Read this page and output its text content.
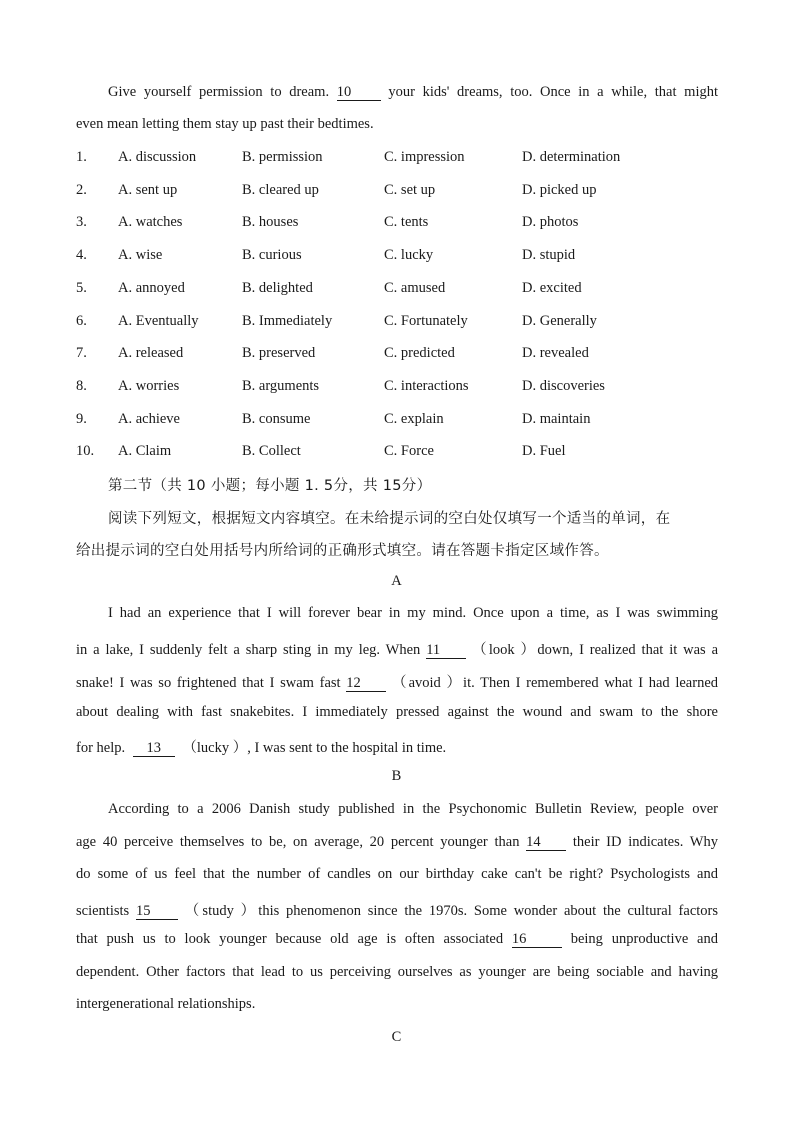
Give yourself permission to dream. 10	your kids' dreams, too. Once in a while, that might
even mean letting them stay up past their bedtimes.
1. A. discussion	B. permission	C. impression	D. determination
2. A. sent up	B. cleared up	C. set up	D. picked up
3. A. watches	B. houses	C. tents	D. photos
4. A. wise	B. curious	C. lucky	D. stupid
5. A. annoyed	B. delighted	C. amused	D. excited
6. A. Eventually	B. Immediately	C. Fortunately	D. Generally
7. A. released	B. preserved	C. predicted	D. revealed
8. A. worries	B. arguments	C. interactions	D. discoveries
9. A. achieve	B. consume	C. explain	D. maintain
10. A. Claim	B. Collect	C. Force	D. Fuel
第二节（共 10 小题；每小题 1. 5分，共 15分）
阅读下列短文，根据短文内容填空。在未给提示词的空白处仅填写一个适当的单词，在
给出提示词的空白处用括号内所给词的正确形式填空。请在答题卡指定区域作答。
A
I had an experience that I will forever bear in my mind. Once upon a time, as I was swimming
in a lake, I suddenly felt a sharp sting in my leg. When 11 （look ）down, I realized that it was a
snake! I was so frightened that I swam fast 12 （avoid ）it. Then I remembered what I had learned
about dealing with fast snakebites. I immediately pressed against the wound and swam to the shore
for help. 13 （lucky ）, I was sent to the hospital in time.
B
According to a 2006 Danish study published in the Psychonomic Bulletin Review, people over
age 40 perceive themselves to be, on average, 20 percent younger than 14 their ID indicates. Why
do some of us feel that the number of candles on our birthday cake can't be right? Psychologists and
scientists 15 （study ）this phenomenon since the 1970s. Some wonder about the cultural factors
that push us to look younger because old age is often associated 16	being unproductive and
dependent. Other factors that lead to us perceiving ourselves as younger are being sociable and having
intergenerational relationships.
C
